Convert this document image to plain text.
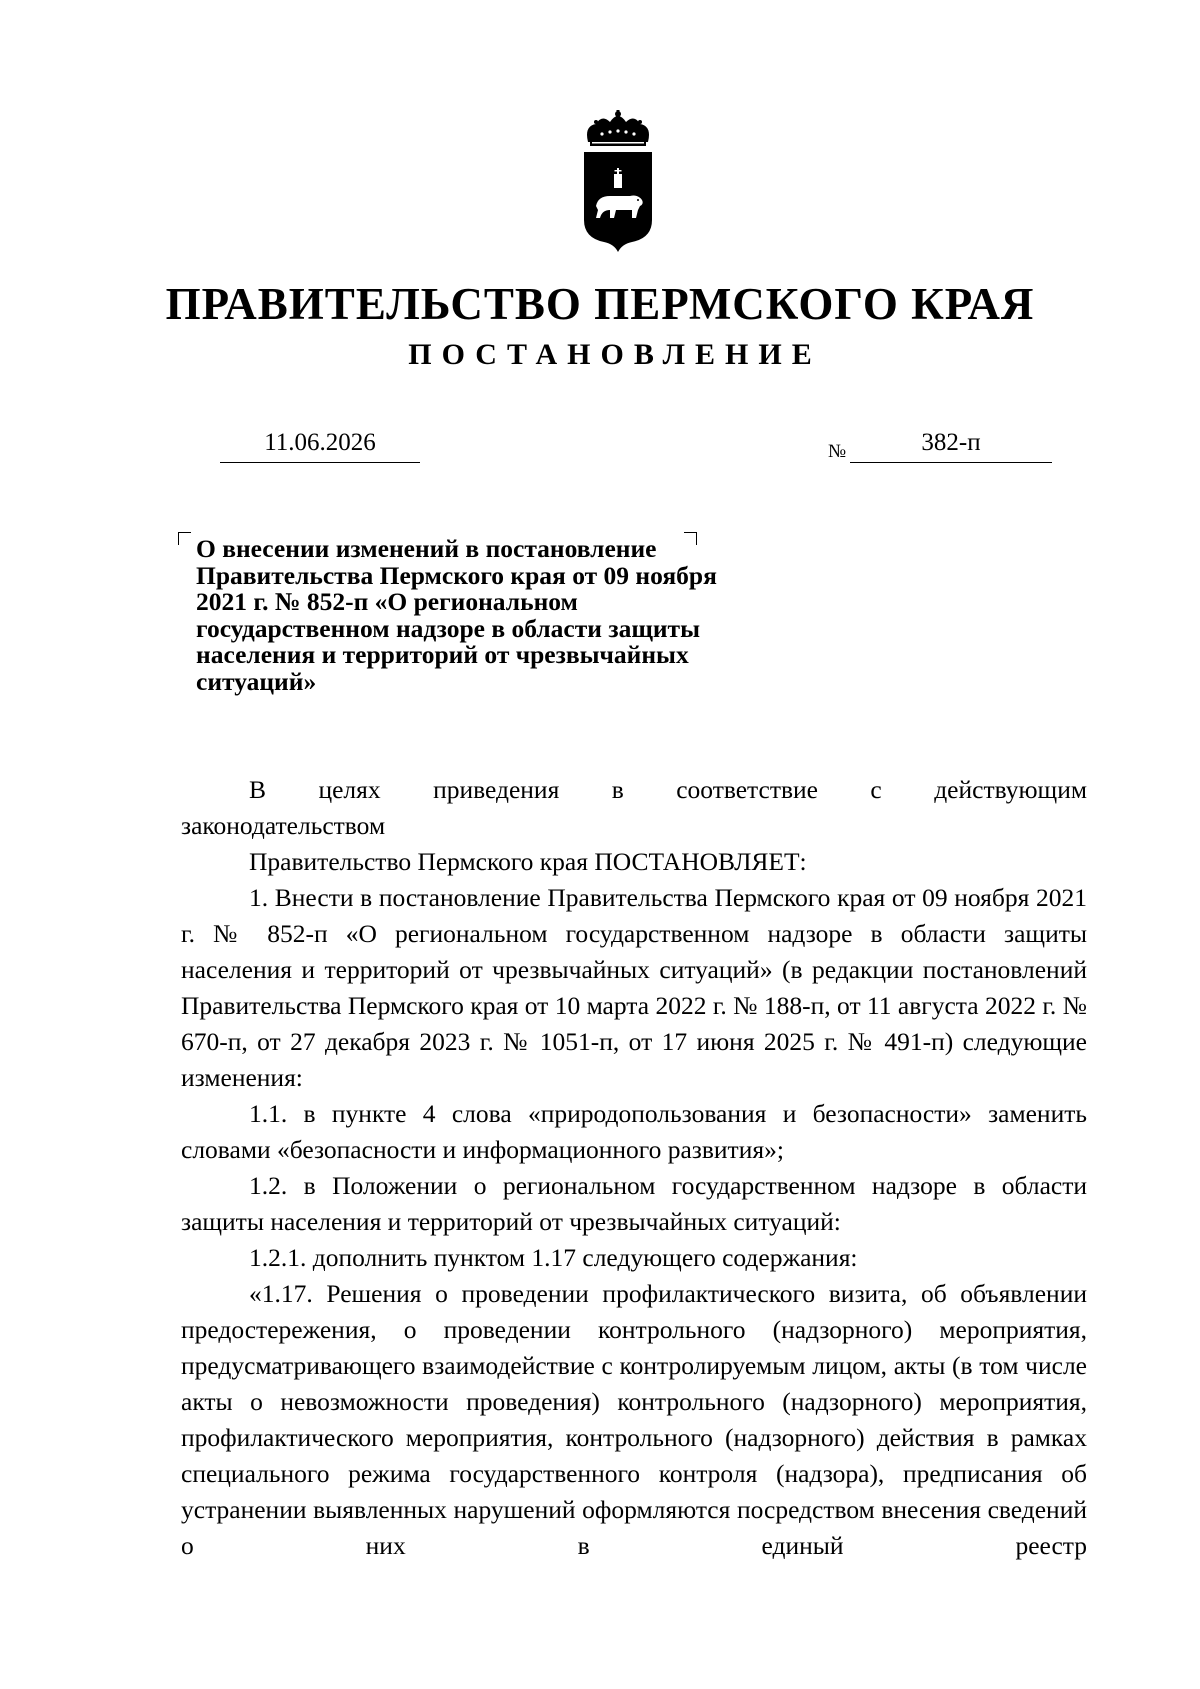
ПРАВИТЕЛЬСТВО ПЕРМСКОГО КРАЯ
ПОСТАНОВЛЕНИЕ
11.06.2026	№	382-п
О внесении изменений в постановление
Правительства Пермского края от 09 ноября
2021 г. № 852-п «О региональном
государственном надзоре в области защиты
населения и территорий от чрезвычайных
ситуаций»
В целях приведения в соответствие с действующим

законодательством

Правительство Пермского края ПОСТАНОВЛЯЕТ:

1. Внести в постановление Правительства Пермского края от 09 ноября 2021 г. № 852-п «О региональном государственном надзоре в области защиты населения и территорий от чрезвычайных ситуаций» (в редакции постановлений Правительства Пермского края от 10 марта 2022 г. № 188-п, от 11 августа 2022 г. № 670-п, от 27 декабря 2023 г. № 1051-п, от 17 июня 2025 г. № 491-п) следующие изменения:

1.1. в пункте 4 слова «природопользования и безопасности» заменить словами «безопасности и информационного развития»;

1.2. в Положении о региональном государственном надзоре в области защиты населения и территорий от чрезвычайных ситуаций:

1.2.1. дополнить пунктом 1.17 следующего содержания:

«1.17. Решения о проведении профилактического визита, об объявлении предостережения, о проведении контрольного (надзорного) мероприятия, предусматривающего взаимодействие с контролируемым лицом, акты (в том числе акты о невозможности проведения) контрольного (надзорного) мероприятия, профилактического мероприятия, контрольного (надзорного) действия в рамках специального режима государственного контроля (надзора), предписания об устранении выявленных нарушений оформляются посредством внесения сведений о них в единый реестр
